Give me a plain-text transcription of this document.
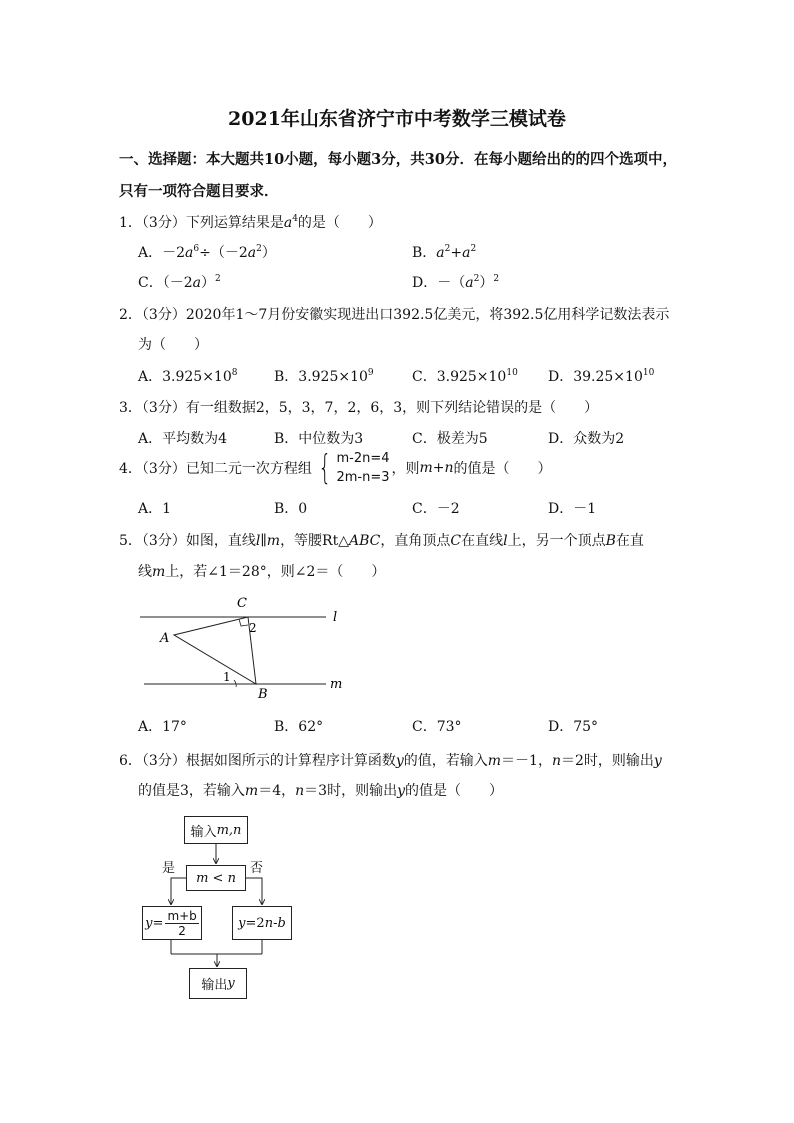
2021年山东省济宁市中考数学三模试卷
一、选择题：本大题共10小题，每小题3分，共30分．在每小题给出的的四个选项中，
只有一项符合题目要求．
1．（3分）下列运算结果是$a^4$的是（　　）
A．$-2a^6\div(-2a^2)$	B．$a^2+a^2$
C．$(-2a)^2$	D．$-(a^2)^2$
2．（3分）2020年1～7月份安徽实现进出口392.5亿美元，将392.5亿用科学记数法表示
为（　　）
A．$3.925\times 10^8$	B．$3.925\times 10^9$	C．$3.925\times 10^{10}$ D．$39.25\times 10^{10}$
3．（3分）有一组数据2，5，3，7，2，6，3，则下列结论错误的是（　　）
A．平均数为4	B．中位数为3	C．极差为5	D．众数为2
4．（3分）已知二元一次方程组 { m-2n=4
2m-n=3
，则 m + n 的值是（　　）
A．1	B．0	C．－2	D．－1
5．（3分）如图，直线l∥m，等腰Rt△ABC，直角顶点C在直线l上，另一个顶点B在直
线m上，若∠1＝28°，则∠2＝（　　）
C
A
B
l
m
1
2
A．17°	B．62°	C．73°	D．75°
6．（3分）根据如图所示的计算程序计算函数y的值，若输入m＝－1，n＝2时，则输出y
的值是3，若输入m＝4，n＝3时，则输出y的值是（　　）
输入 m,n
是	否
m < n
$y = \frac{m+b}{2}$	y =2 n - b
输出 y
